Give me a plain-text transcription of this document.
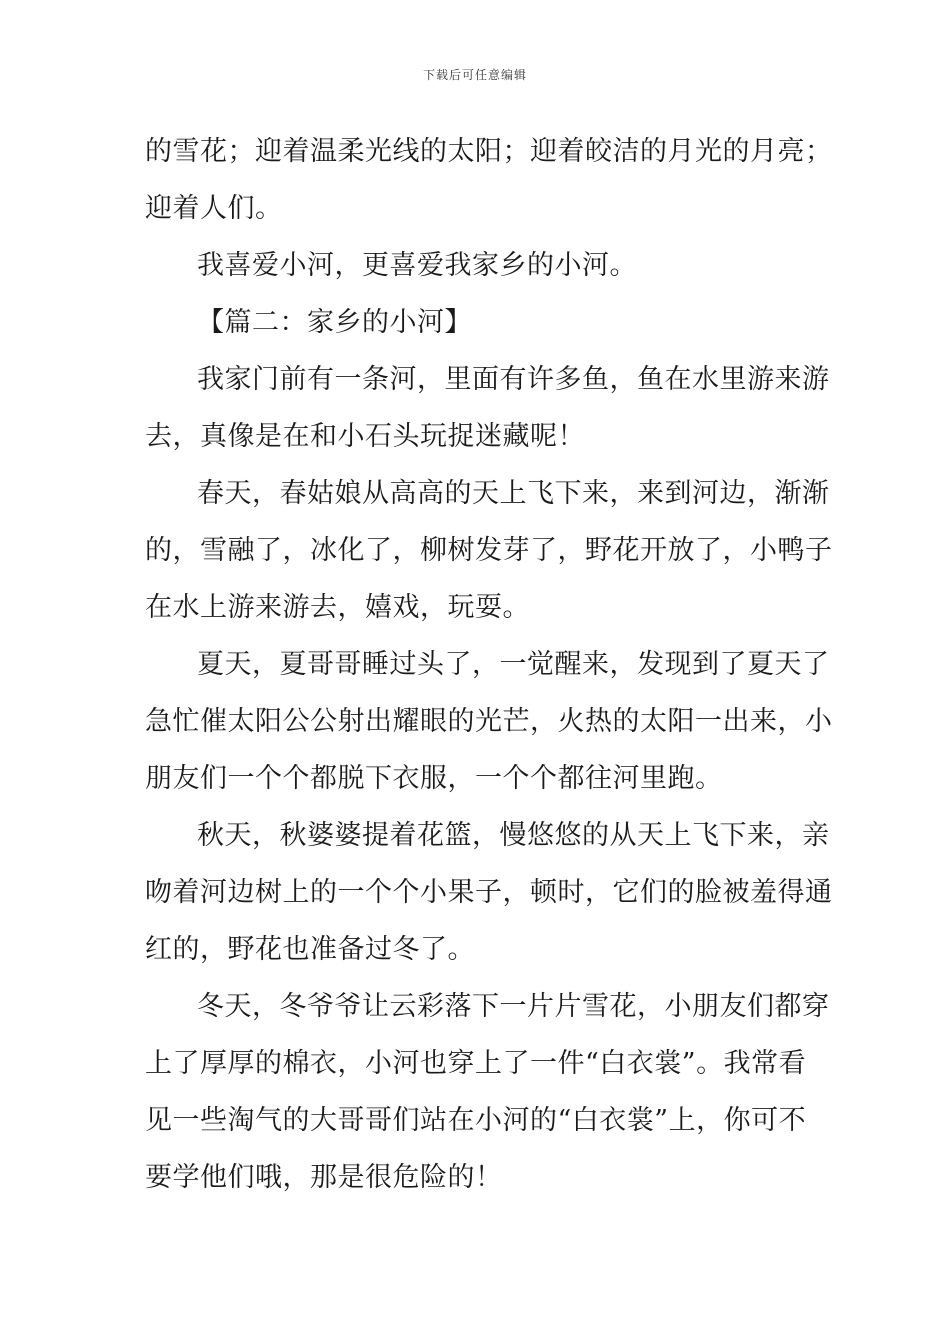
下载后可任意编辑
的雪花；迎着温柔光线的太阳；迎着皎洁的月光的月亮；
迎着人们。
我喜爱小河，更喜爱我家乡的小河。
【篇二：家乡的小河】
我家门前有一条河，里面有许多鱼，鱼在水里游来游
去，真像是在和小石头玩捉迷藏呢！
春天，春姑娘从高高的天上飞下来，来到河边，渐渐
的，雪融了，冰化了，柳树发芽了，野花开放了，小鸭子
在水上游来游去，嬉戏，玩耍。
夏天，夏哥哥睡过头了，一觉醒来，发现到了夏天了
急忙催太阳公公射出耀眼的光芒，火热的太阳一出来，小
朋友们一个个都脱下衣服，一个个都往河里跑。
秋天，秋婆婆提着花篮，慢悠悠的从天上飞下来，亲
吻着河边树上的一个个小果子，顿时，它们的脸被羞得通
红的，野花也准备过冬了。
冬天，冬爷爷让云彩落下一片片雪花，小朋友们都穿
上了厚厚的棉衣，小河也穿上了一件“白衣裳”。我常看
见一些淘气的大哥哥们站在小河的“白衣裳”上，你可不
要学他们哦，那是很危险的！
